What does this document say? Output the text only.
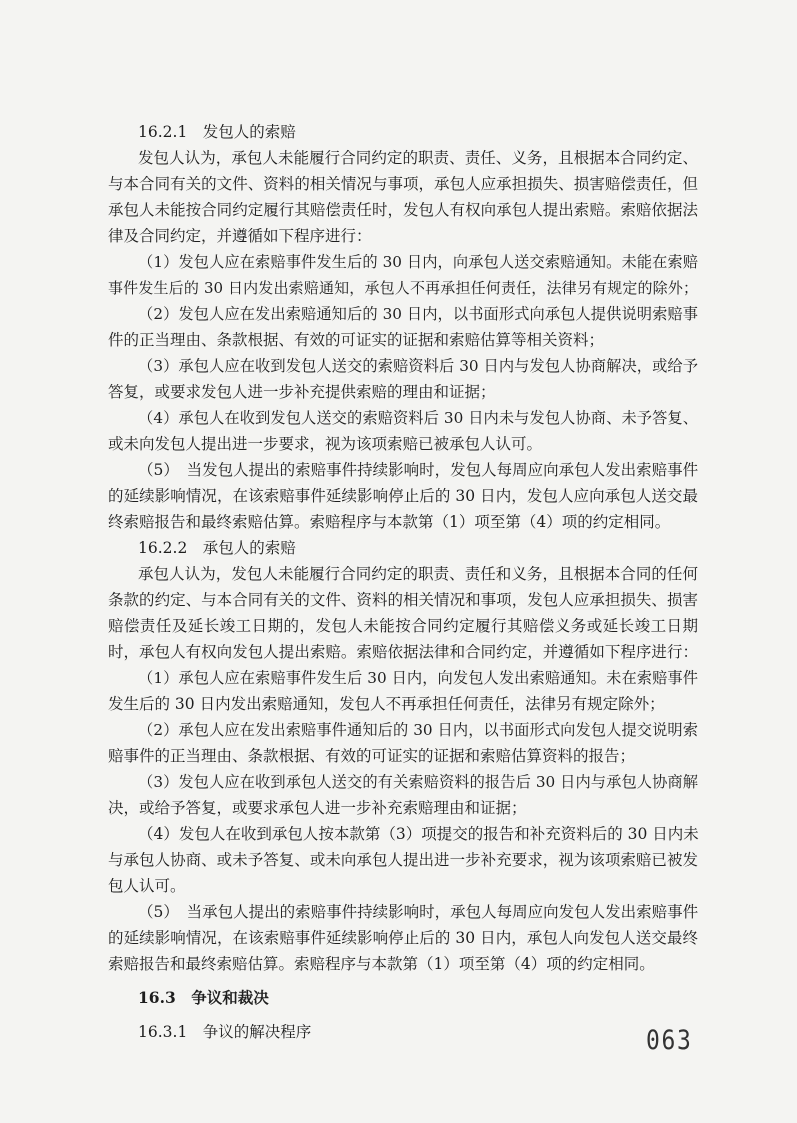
16.2.1　发包人的索赔
发包人认为，承包人未能履行合同约定的职责、责任、义务，且根据本合同约定、
与本合同有关的文件、资料的相关情况与事项，承包人应承担损失、损害赔偿责任，但
承包人未能按合同约定履行其赔偿责任时，发包人有权向承包人提出索赔。索赔依据法
律及合同约定，并遵循如下程序进行：
（1）发包人应在索赔事件发生后的 30 日内，向承包人送交索赔通知。未能在索赔
事件发生后的 30 日内发出索赔通知，承包人不再承担任何责任，法律另有规定的除外；
（2）发包人应在发出索赔通知后的 30 日内，以书面形式向承包人提供说明索赔事
件的正当理由、条款根据、有效的可证实的证据和索赔估算等相关资料；
（3）承包人应在收到发包人送交的索赔资料后 30 日内与发包人协商解决，或给予
答复，或要求发包人进一步补充提供索赔的理由和证据；
（4）承包人在收到发包人送交的索赔资料后 30 日内未与发包人协商、未予答复、
或未向发包人提出进一步要求，视为该项索赔已被承包人认可。
（5）　当发包人提出的索赔事件持续影响时，发包人每周应向承包人发出索赔事件
的延续影响情况，在该索赔事件延续影响停止后的 30 日内，发包人应向承包人送交最
终索赔报告和最终索赔估算。索赔程序与本款第（1）项至第（4）项的约定相同。
16.2.2　承包人的索赔
承包人认为，发包人未能履行合同约定的职责、责任和义务，且根据本合同的任何
条款的约定、与本合同有关的文件、资料的相关情况和事项，发包人应承担损失、损害
赔偿责任及延长竣工日期的，发包人未能按合同约定履行其赔偿义务或延长竣工日期
时，承包人有权向发包人提出索赔。索赔依据法律和合同约定，并遵循如下程序进行：
（1）承包人应在索赔事件发生后 30 日内，向发包人发出索赔通知。未在索赔事件
发生后的 30 日内发出索赔通知，发包人不再承担任何责任，法律另有规定除外；
（2）承包人应在发出索赔事件通知后的 30 日内，以书面形式向发包人提交说明索
赔事件的正当理由、条款根据、有效的可证实的证据和索赔估算资料的报告；
（3）发包人应在收到承包人送交的有关索赔资料的报告后 30 日内与承包人协商解
决，或给予答复，或要求承包人进一步补充索赔理由和证据；
（4）发包人在收到承包人按本款第（3）项提交的报告和补充资料后的 30 日内未
与承包人协商、或未予答复、或未向承包人提出进一步补充要求，视为该项索赔已被发
包人认可。
（5）　当承包人提出的索赔事件持续影响时，承包人每周应向发包人发出索赔事件
的延续影响情况，在该索赔事件延续影响停止后的 30 日内，承包人向发包人送交最终
索赔报告和最终索赔估算。索赔程序与本款第（1）项至第（4）项的约定相同。
16.3　争议和裁决
16.3.1　争议的解决程序	063
